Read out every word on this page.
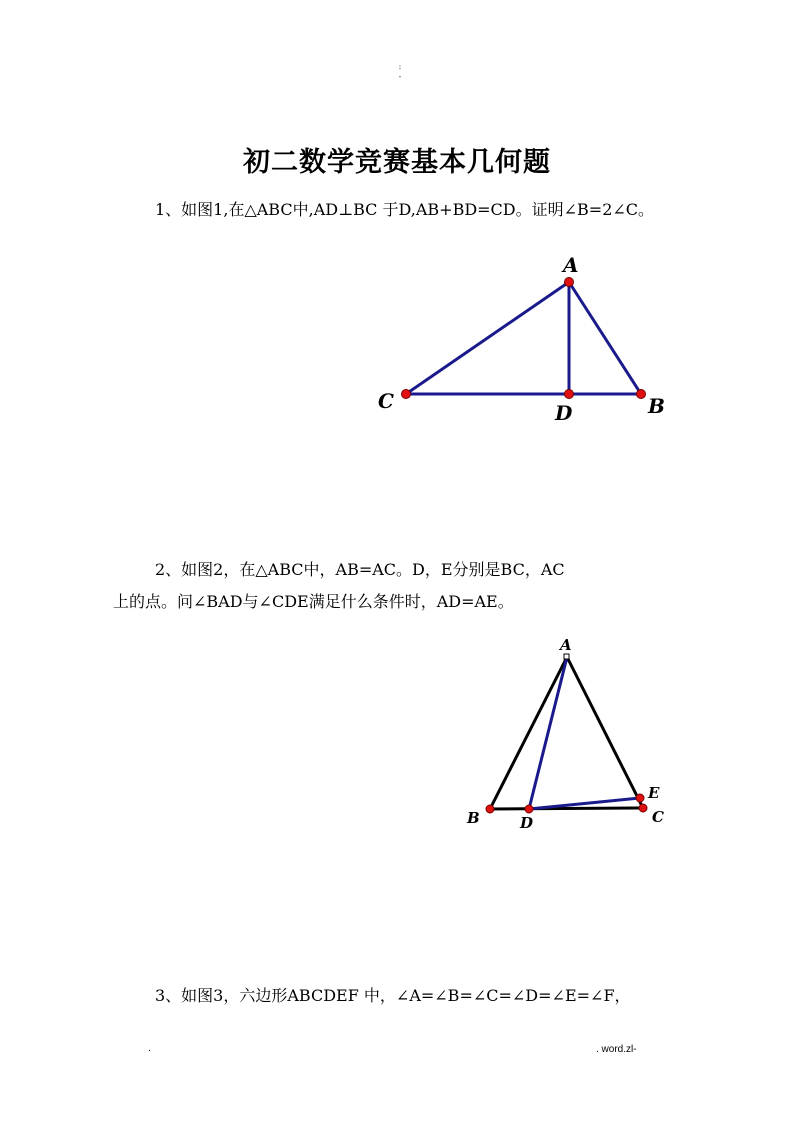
:
-
初二数学竞赛基本几何题

1、如图1,在△ABC中,AD⊥BC 于D,AB+BD=CD。证明∠B=2∠C。

A
C	D	B

2、如图2，在△ABC中，AB=AC。D，E分别是BC，AC

上的点。问∠BAD与∠CDE满足什么条件时，AD=AE。

A
B	D
E
C

3、如图3，六边形ABCDEF 中，∠A=∠B=∠C=∠D=∠E=∠F，

.	. word.zl-
